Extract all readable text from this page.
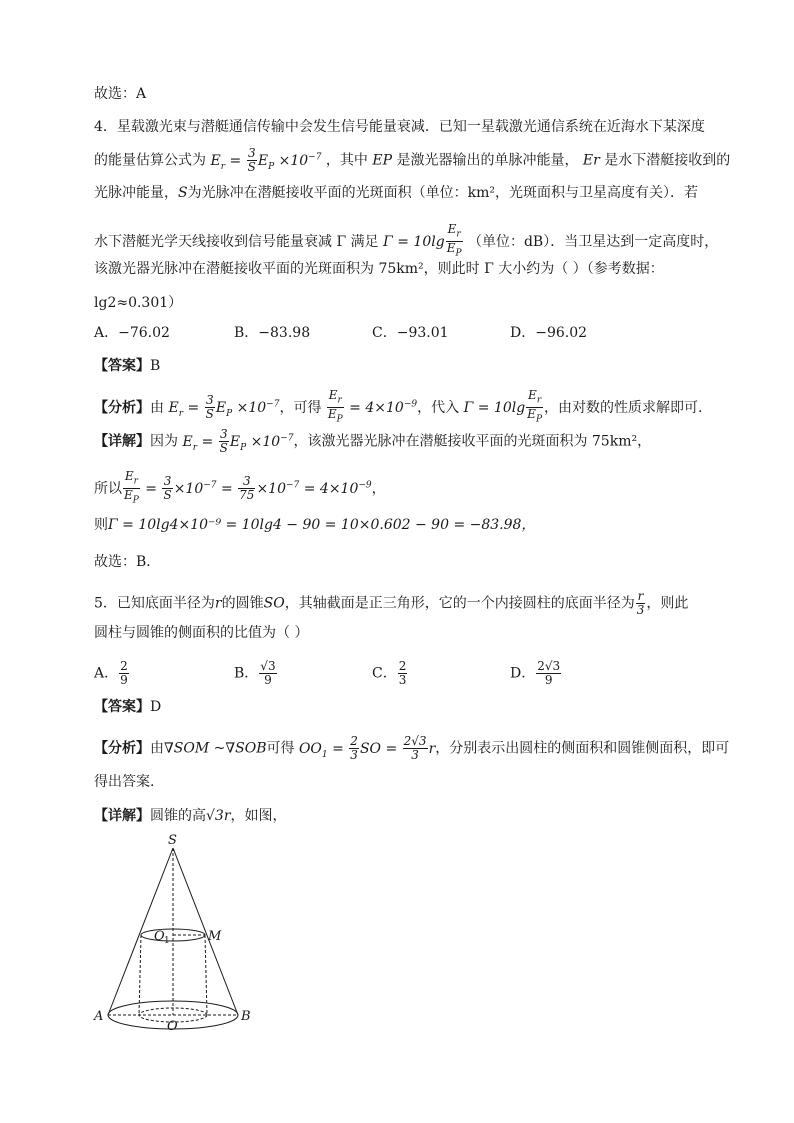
故选：A
4．星载激光束与潜艇通信传输中会发生信号能量衰减．已知一星载激光通信系统在近海水下某深度
的能量估算公式为 $E_r = \frac{3}{S} E_P \times 10^{-7}$ ，其中 EP 是激光器输出的单脉冲能量， Er 是水下潜艇接收到的
光脉冲能量，S为光脉冲在潜艇接收平面的光斑面积（单位：km²，光斑面积与卫星高度有关）．若
水下潜艇光学天线接收到信号能量衰减 Γ 满足 $\Gamma = 10\lg \frac{E_r}{E_P}$ （单位：dB）．当卫星达到一定高度时，
该激光器光脉冲在潜艇接收平面的光斑面积为 75km²，则此时 Γ 大小约为（ ）（参考数据：
lg2≈0.301）
A．−76.02	B．−83.98	C．−93.01	D．−96.02
【答案】B
【分析】由 $E_r = \frac{3}{S} E_P \times 10^{-7}$，可得 $\frac{E_r}{E_P} = 4\times 10^{-9}$，代入 $\Gamma = 10\lg \frac{E_r}{E_P}$ ，由对数的性质求解即可.
【详解】因为 $E_r = \frac{3}{S} E_P \times 10^{-7}$，该激光器光脉冲在潜艇接收平面的光斑面积为 75km²，
所以 $\frac{E_r}{E_P} = \frac{3}{S} \times 10^{-7} = \frac{3}{75} \times 10^{-7} = 4\times 10^{-9}$，
则Γ = 10lg4×10⁻⁹ = 10lg4 − 90 = 10×0.602 − 90 = −83.98，
故选：B．
5．已知底面半径为r的圆锥SO，其轴截面是正三角形，它的一个内接圆柱的底面半径为 $\frac{r}{3}$ ，则此
圆柱与圆锥的侧面积的比值为（ ）
A． $\frac{2}{9}$	B． $\frac{√3}{9}$	C． $\frac{2}{3}$	D． $\frac{2√3}{9}$
【答案】D
【分析】由∇SOM ~∇SOB可得 $OO_1 = \frac{2}{3}$ SO = $\frac{2√3}{3}$ r，分别表示出圆柱的侧面积和圆锥侧面积，即可
得出答案.
【详解】圆锥的高√3r，如图，
S
O 1	M
A
O
B
